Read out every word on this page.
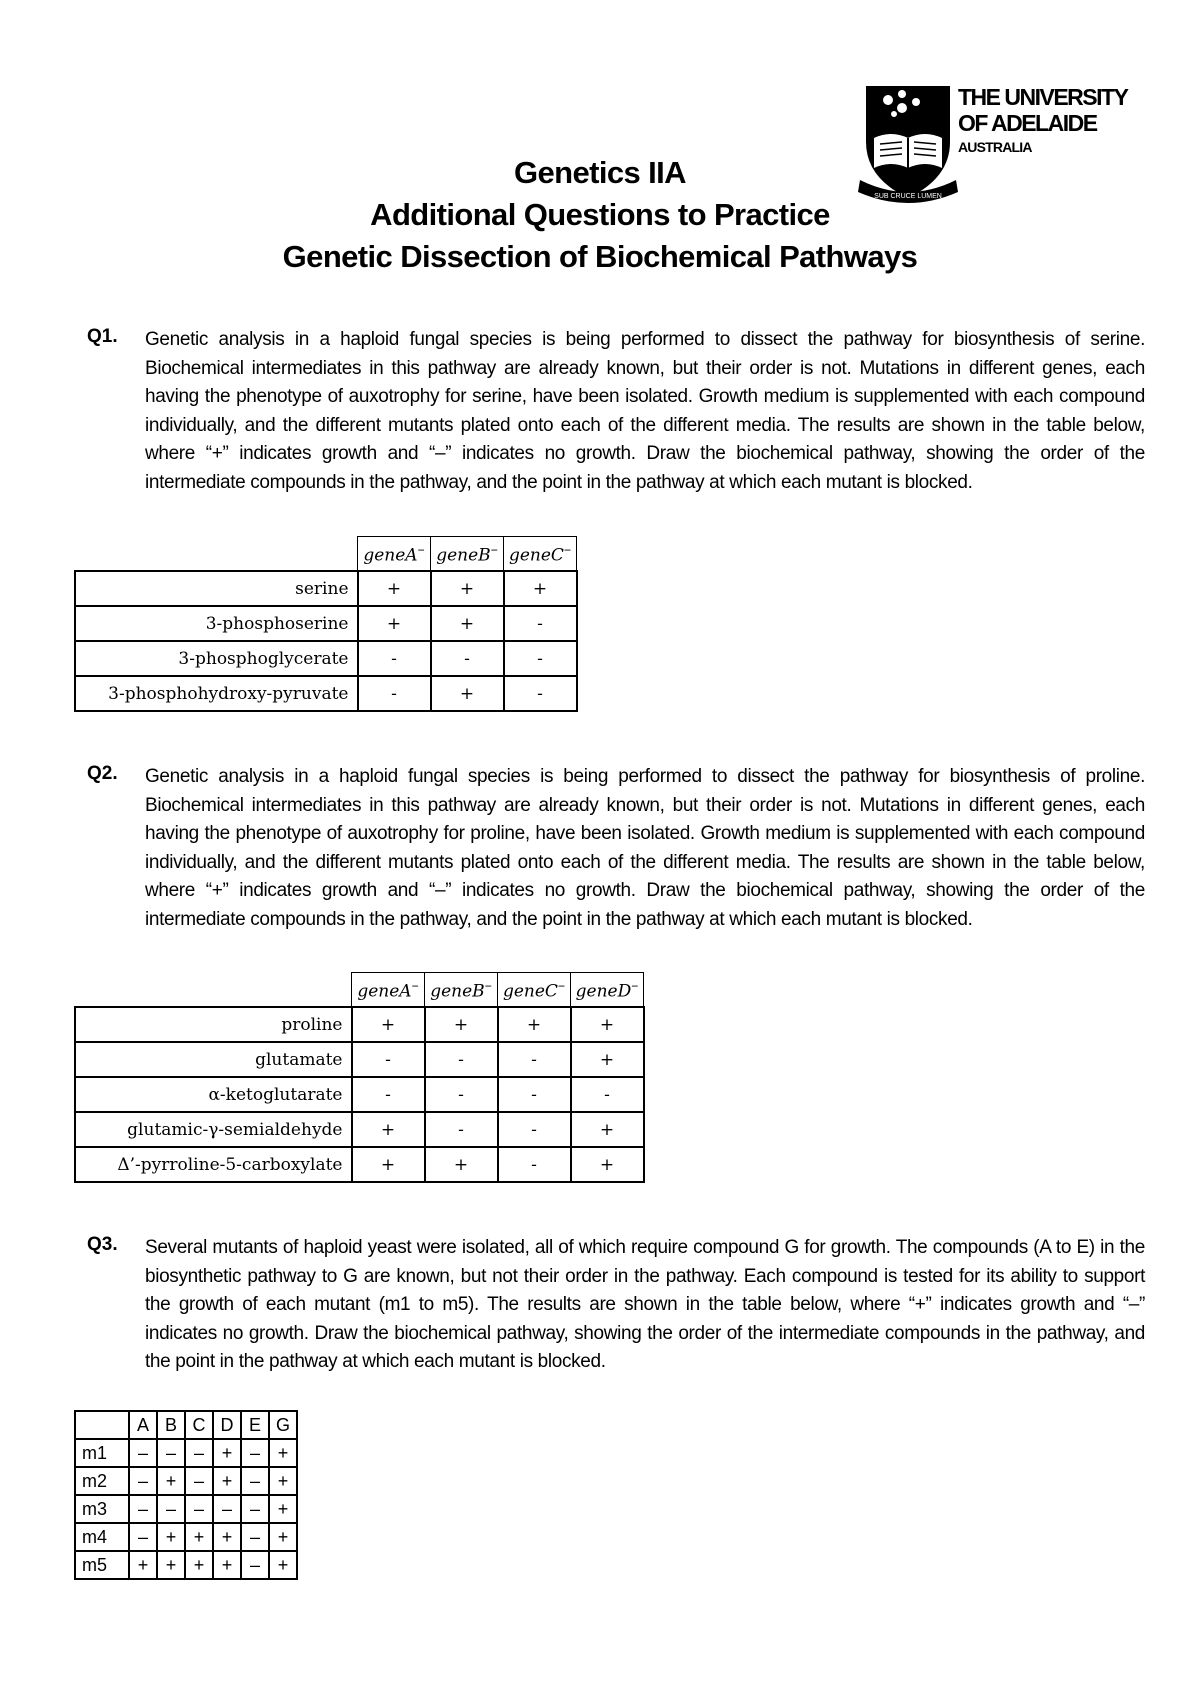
SUB CRUCE LUMEN
THE UNIVERSITY
OF ADELAIDE
AUSTRALIA
Genetics IIA
Additional Questions to Practice
Genetic Dissection of Biochemical Pathways
Q1. Genetic analysis in a haploid fungal species is being performed to dissect the pathway for biosynthesis of serine. Biochemical intermediates in this pathway are already known, but their order is not. Mutations in different genes, each having the phenotype of auxotrophy for serine, have been isolated. Growth medium is supplemented with each compound individually, and the different mutants plated onto each of the different media. The results are shown in the table below, where “+” indicates growth and “–” indicates no growth. Draw the biochemical pathway, showing the order of the intermediate compounds in the pathway, and the point in the pathway at which each mutant is blocked.
	geneA–	geneB–	geneC–
serine	+	+	+
3-phosphoserine	+	+	-
3-phosphoglycerate	-	-	-
3-phosphohydroxy-pyruvate	-	+	-
Q2. Genetic analysis in a haploid fungal species is being performed to dissect the pathway for biosynthesis of proline. Biochemical intermediates in this pathway are already known, but their order is not. Mutations in different genes, each having the phenotype of auxotrophy for proline, have been isolated. Growth medium is supplemented with each compound individually, and the different mutants plated onto each of the different media. The results are shown in the table below, where “+” indicates growth and “–” indicates no growth. Draw the biochemical pathway, showing the order of the intermediate compounds in the pathway, and the point in the pathway at which each mutant is blocked.
	geneA–	geneB–	geneC–	geneD–
proline	+	+	+	+
glutamate	-	-	-	+
α-ketoglutarate	-	-	-	-
glutamic-γ-semialdehyde	+	-	-	+
Δ’-pyrroline-5-carboxylate	+	+	-	+
Q3. Several mutants of haploid yeast were isolated, all of which require compound G for growth. The compounds (A to E) in the biosynthetic pathway to G are known, but not their order in the pathway. Each compound is tested for its ability to support the growth of each mutant (m1 to m5). The results are shown in the table below, where “+” indicates growth and “–” indicates no growth. Draw the biochemical pathway, showing the order of the intermediate compounds in the pathway, and the point in the pathway at which each mutant is blocked.
	A	B	C	D	E	G
m1	–	–	–	+	–	+
m2	–	+	–	+	–	+
m3	–	–	–	–	–	+
m4	–	+	+	+	–	+
m5	+	+	+	+	–	+
